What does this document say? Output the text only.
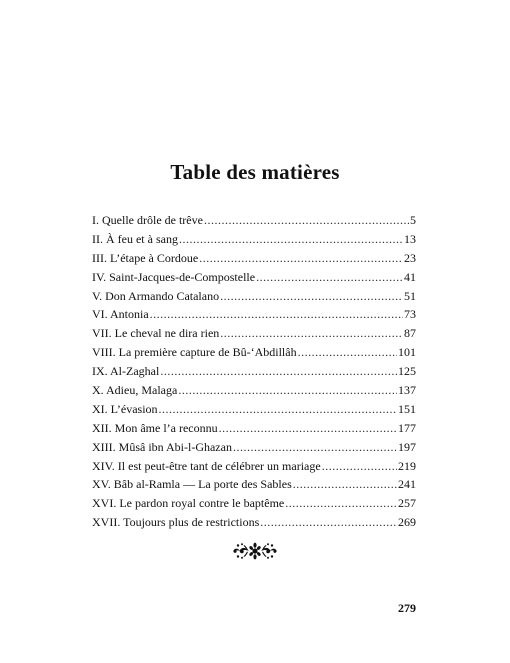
Table des matières
I. Quelle drôle de trêve .....	5
II. À feu et à sang .....	13
III. L’étape à Cordoue .....	23
IV. Saint-Jacques-de-Compostelle .....	41
V. Don Armando Catalano .....	51
VI. Antonia .....	73
VII. Le cheval ne dira rien .....	87
VIII. La première capture de Bû-‘Abdillâh .....	101
IX. Al-Zaghal .....	125
X. Adieu, Malaga .....	137
XI. L’évasion .....	151
XII. Mon âme l’a reconnu .....	177
XIII. Mûsâ ibn Abi-l-Ghazan .....	197
XIV. Il est peut-être tant de célébrer un mariage .....	219
XV. Bâb al-Ramla — La porte des Sables .....	241
XVI. Le pardon royal contre le baptême .....	257
XVII. Toujours plus de restrictions .....	269
279
